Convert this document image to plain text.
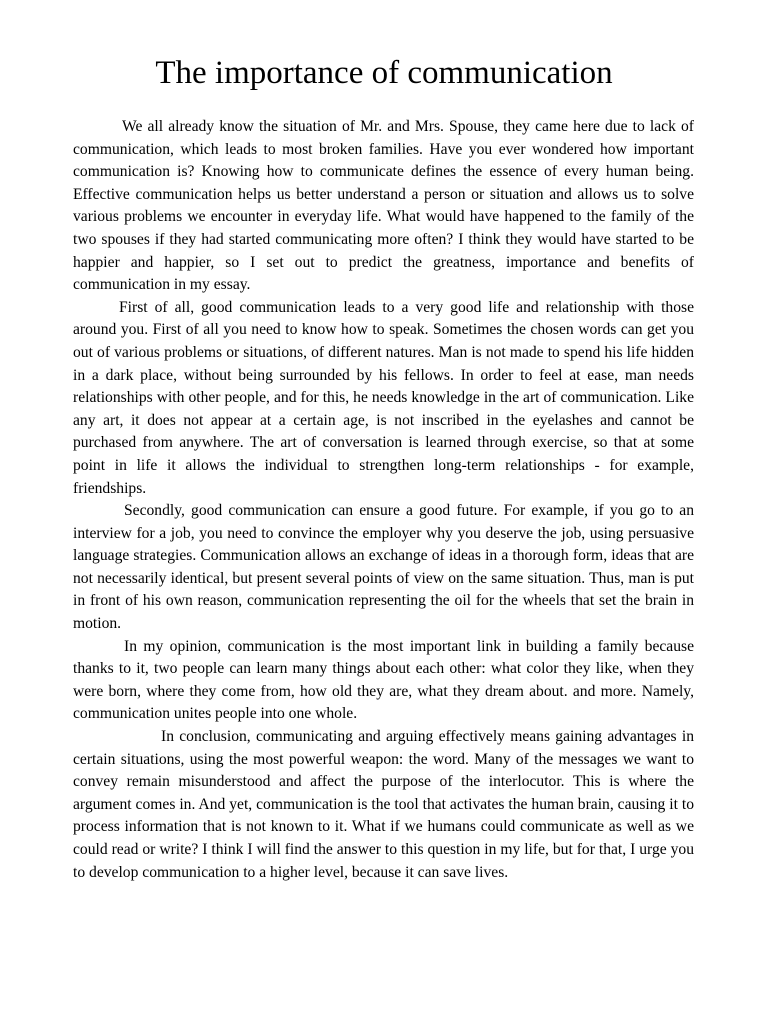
The importance of communication

We all already know the situation of Mr. and Mrs. Spouse, they came here due to lack of communication, which leads to most broken families. Have you ever wondered how important communication is? Knowing how to communicate defines the essence of every human being. Effective communication helps us better understand a person or situation and allows us to solve various problems we encounter in everyday life. What would have happened to the family of the two spouses if they had started communicating more often? I think they would have started to be happier and happier, so I set out to predict the greatness, importance and benefits of communication in my essay.

First of all, good communication leads to a very good life and relationship with those around you. First of all you need to know how to speak. Sometimes the chosen words can get you out of various problems or situations, of different natures. Man is not made to spend his life hidden in a dark place, without being surrounded by his fellows. In order to feel at ease, man needs relationships with other people, and for this, he needs knowledge in the art of communication. Like any art, it does not appear at a certain age, is not inscribed in the eyelashes and cannot be purchased from anywhere. The art of conversation is learned through exercise, so that at some point in life it allows the individual to strengthen long-term relationships - for example, friendships.

Secondly, good communication can ensure a good future. For example, if you go to an interview for a job, you need to convince the employer why you deserve the job, using persuasive language strategies. Communication allows an exchange of ideas in a thorough form, ideas that are not necessarily identical, but present several points of view on the same situation. Thus, man is put in front of his own reason, communication representing the oil for the wheels that set the brain in motion.

In my opinion, communication is the most important link in building a family because thanks to it, two people can learn many things about each other: what color they like, when they were born, where they come from, how old they are, what they dream about. and more. Namely, communication unites people into one whole.

In conclusion, communicating and arguing effectively means gaining advantages in certain situations, using the most powerful weapon: the word. Many of the messages we want to convey remain misunderstood and affect the purpose of the interlocutor. This is where the argument comes in. And yet, communication is the tool that activates the human brain, causing it to process information that is not known to it. What if we humans could communicate as well as we could read or write? I think I will find the answer to this question in my life, but for that, I urge you to develop communication to a higher level, because it can save lives.
